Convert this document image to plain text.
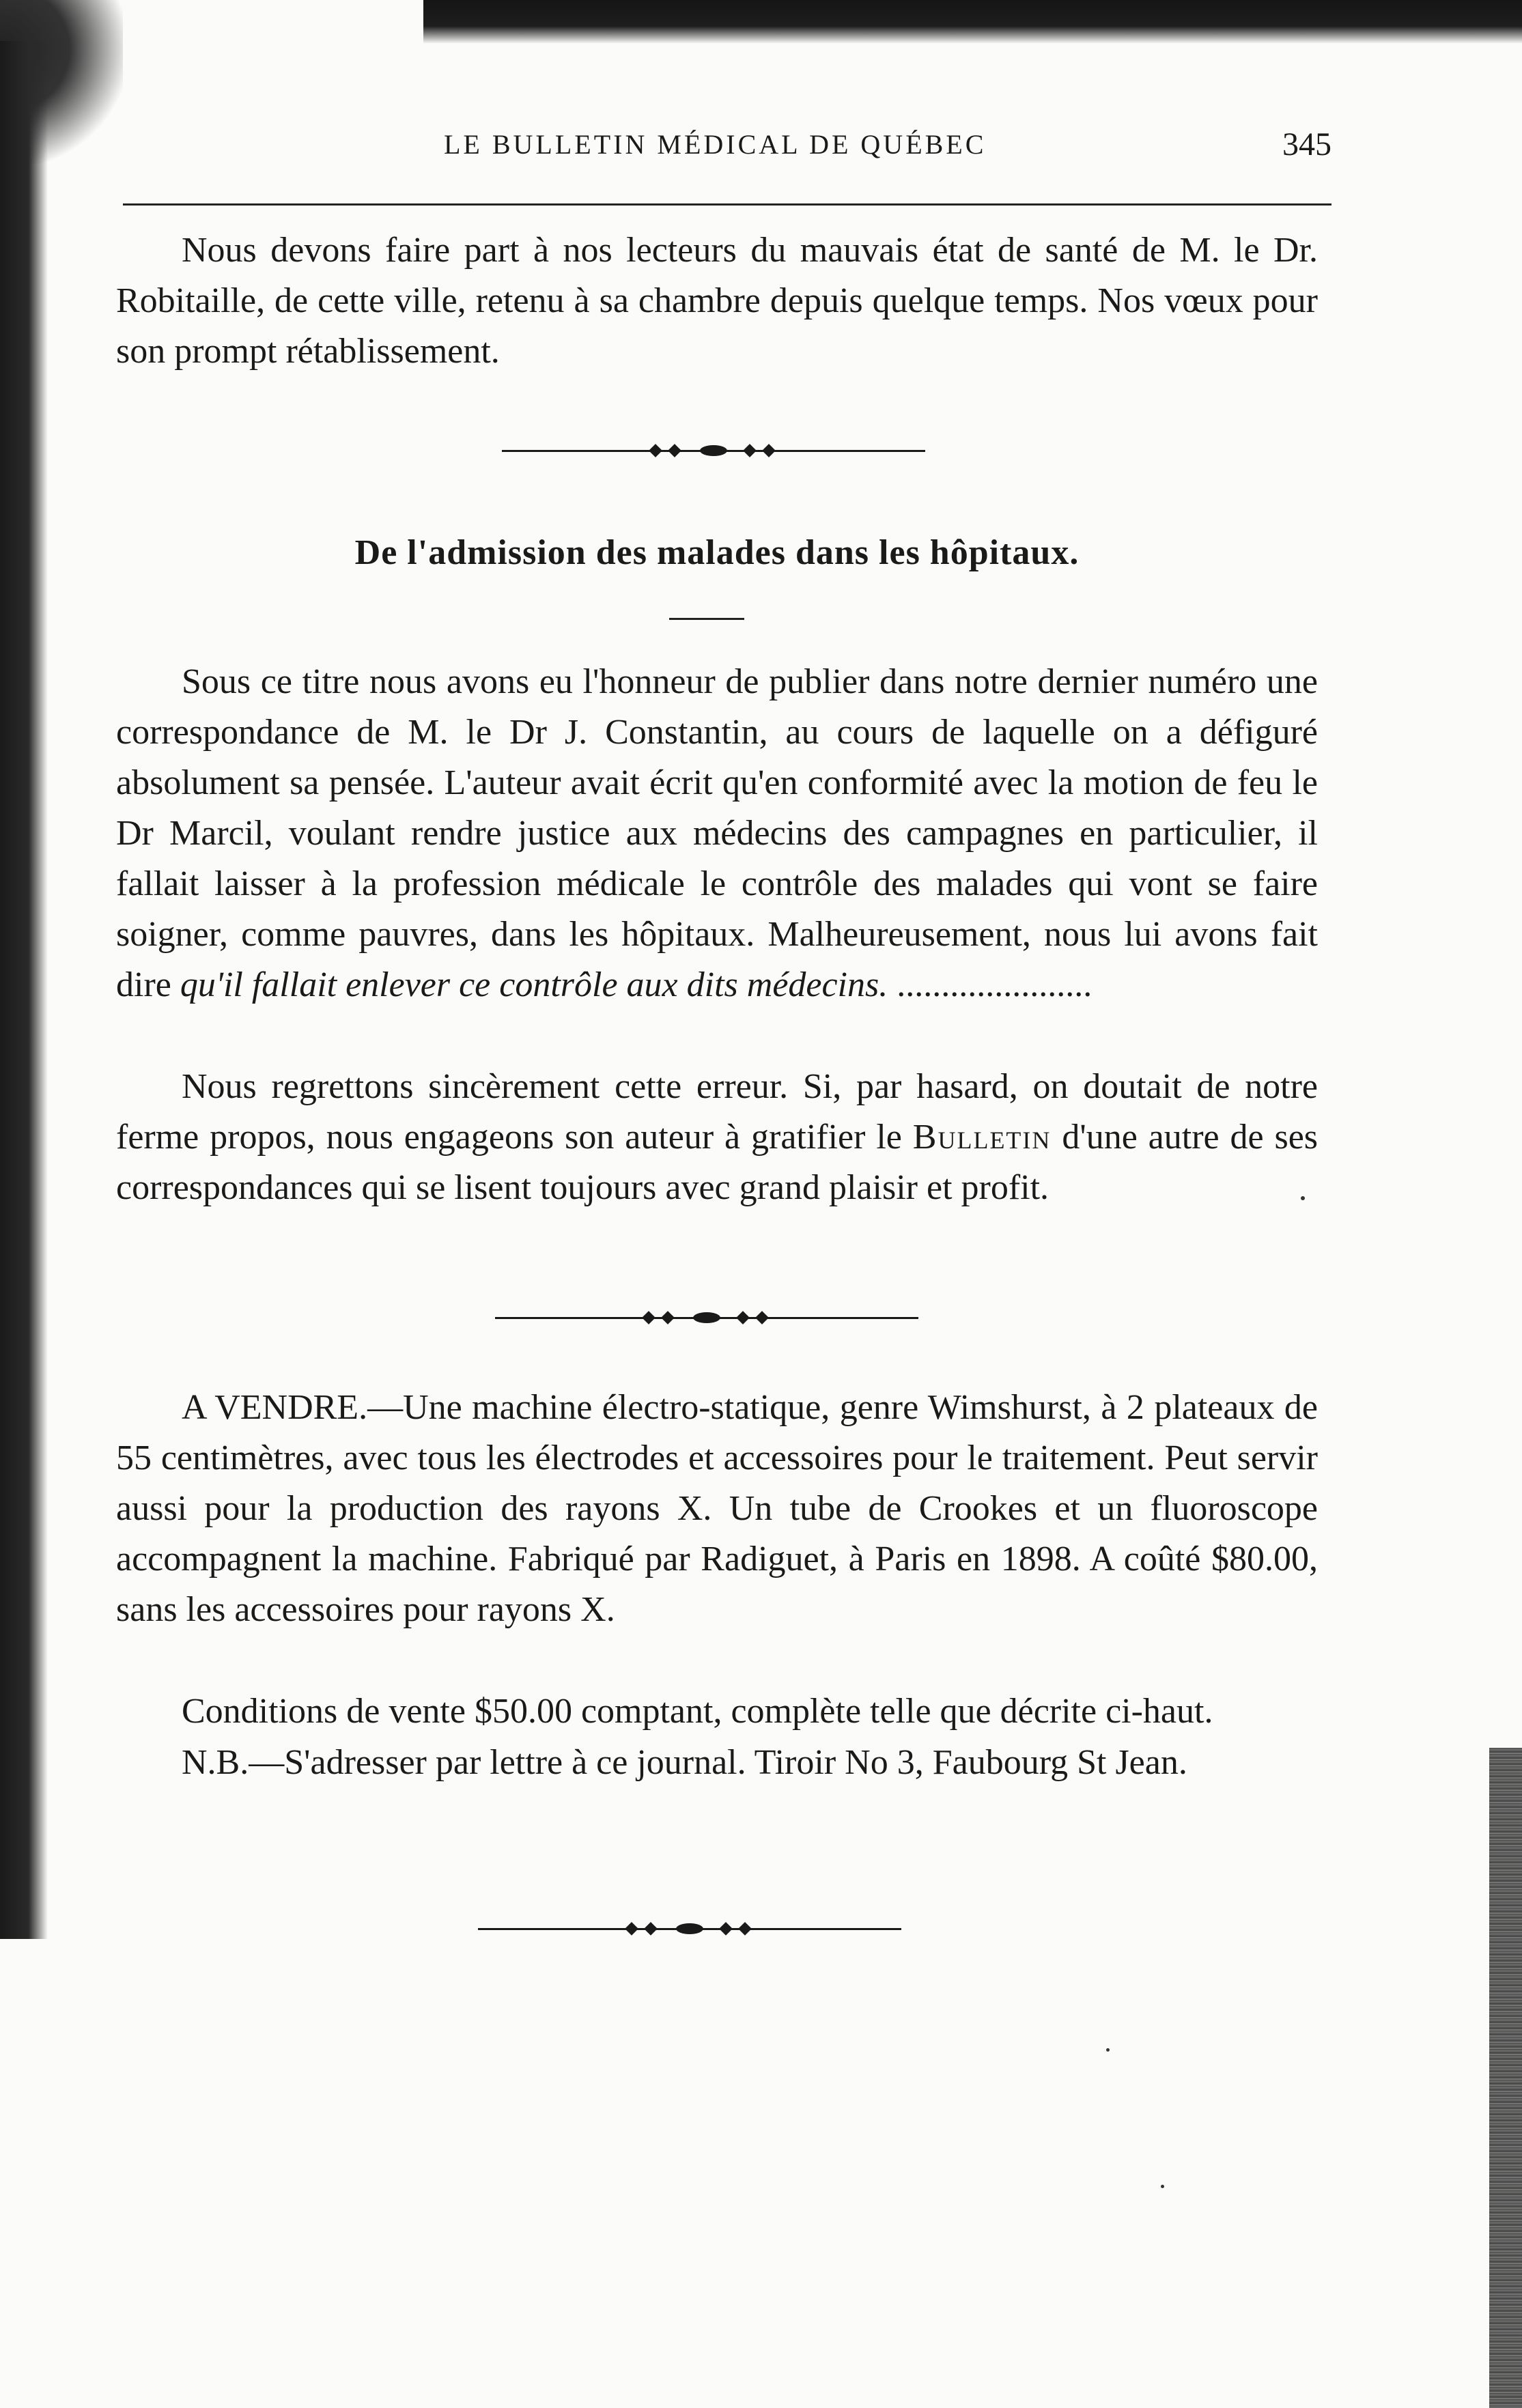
LE BULLETIN MÉDICAL DE QUÉBEC	345

Nous devons faire part à nos lecteurs du mauvais état de santé de M. le Dr. Robitaille, de cette ville, retenu à sa chambre depuis quelque temps. Nos vœux pour son prompt rétablissement.

De l'admission des malades dans les hôpitaux.
Sous ce titre nous avons eu l'honneur de publier dans notre dernier numéro une correspondance de M. le Dr J. Constantin, au cours de laquelle on a défiguré absolument sa pensée. L'auteur avait écrit qu'en conformité avec la motion de feu le Dr Marcil, voulant rendre justice aux médecins des campagnes en particulier, il fallait laisser à la profession médicale le contrôle des malades qui vont se faire soigner, comme pauvres, dans les hôpitaux. Malheureusement, nous lui avons fait dire qu'il fallait enlever ce contrôle aux dits médecins. ......................
Nous regrettons sincèrement cette erreur. Si, par hasard, on doutait de notre ferme propos, nous engageons son auteur à gratifier le Bulletin d'une autre de ses correspondances qui se lisent toujours avec grand plaisir et profit.
A VENDRE.—Une machine électro-statique, genre Wimshurst, à 2 plateaux de 55 centimètres, avec tous les électrodes et accessoires pour le traitement. Peut servir aussi pour la production des rayons X. Un tube de Crookes et un fluoroscope accompagnent la machine. Fabriqué par Radiguet, à Paris en 1898. A coûté $80.00, sans les accessoires pour rayons X.
Conditions de vente $50.00 comptant, complète telle que décrite ci-haut.
N.B.—S'adresser par lettre à ce journal. Tiroir No 3, Faubourg St Jean.
